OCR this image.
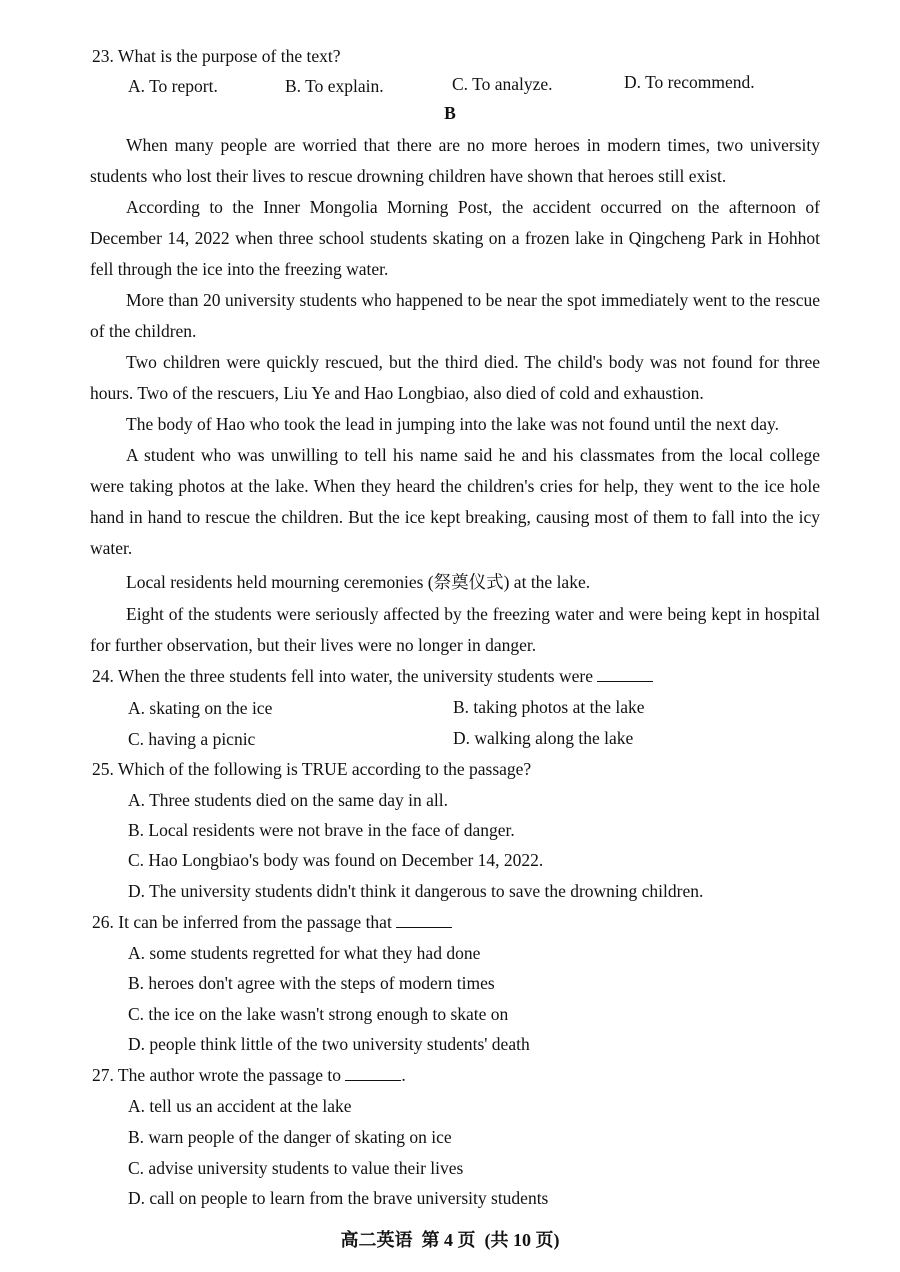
23. What is the purpose of the text?
A. To report.	B. To explain.	C. To analyze.	D. To recommend.
B
When many people are worried that there are no more heroes in modern times, two university students who lost their lives to rescue drowning children have shown that heroes still exist.
According to the Inner Mongolia Morning Post, the accident occurred on the afternoon of December 14, 2022 when three school students skating on a frozen lake in Qingcheng Park in Hohhot fell through the ice into the freezing water.
More than 20 university students who happened to be near the spot immediately went to the rescue of the children.
Two children were quickly rescued, but the third died. The child's body was not found for three hours. Two of the rescuers, Liu Ye and Hao Longbiao, also died of cold and exhaustion.
The body of Hao who took the lead in jumping into the lake was not found until the next day.
A student who was unwilling to tell his name said he and his classmates from the local college were taking photos at the lake. When they heard the children's cries for help, they went to the ice hole hand in hand to rescue the children. But the ice kept breaking, causing most of them to fall into the icy water.
Local residents held mourning ceremonies (祭奠仪式) at the lake.
Eight of the students were seriously affected by the freezing water and were being kept in hospital for further observation, but their lives were no longer in danger.
24. When the three students fell into water, the university students were
A. skating on the ice	B. taking photos at the lake
C. having a picnic	D. walking along the lake
25. Which of the following is TRUE according to the passage?
A. Three students died on the same day in all.
B. Local residents were not brave in the face of danger.
C. Hao Longbiao's body was found on December 14, 2022.
D. The university students didn't think it dangerous to save the drowning children.
26. It can be inferred from the passage that
A. some students regretted for what they had done
B. heroes don't agree with the steps of modern times
C. the ice on the lake wasn't strong enough to skate on
D. people think little of the two university students' death
27. The author wrote the passage to	.
A. tell us an accident at the lake
B. warn people of the danger of skating on ice
C. advise university students to value their lives
D. call on people to learn from the brave university students
高二英语  第 4 页  (共 10 页)
